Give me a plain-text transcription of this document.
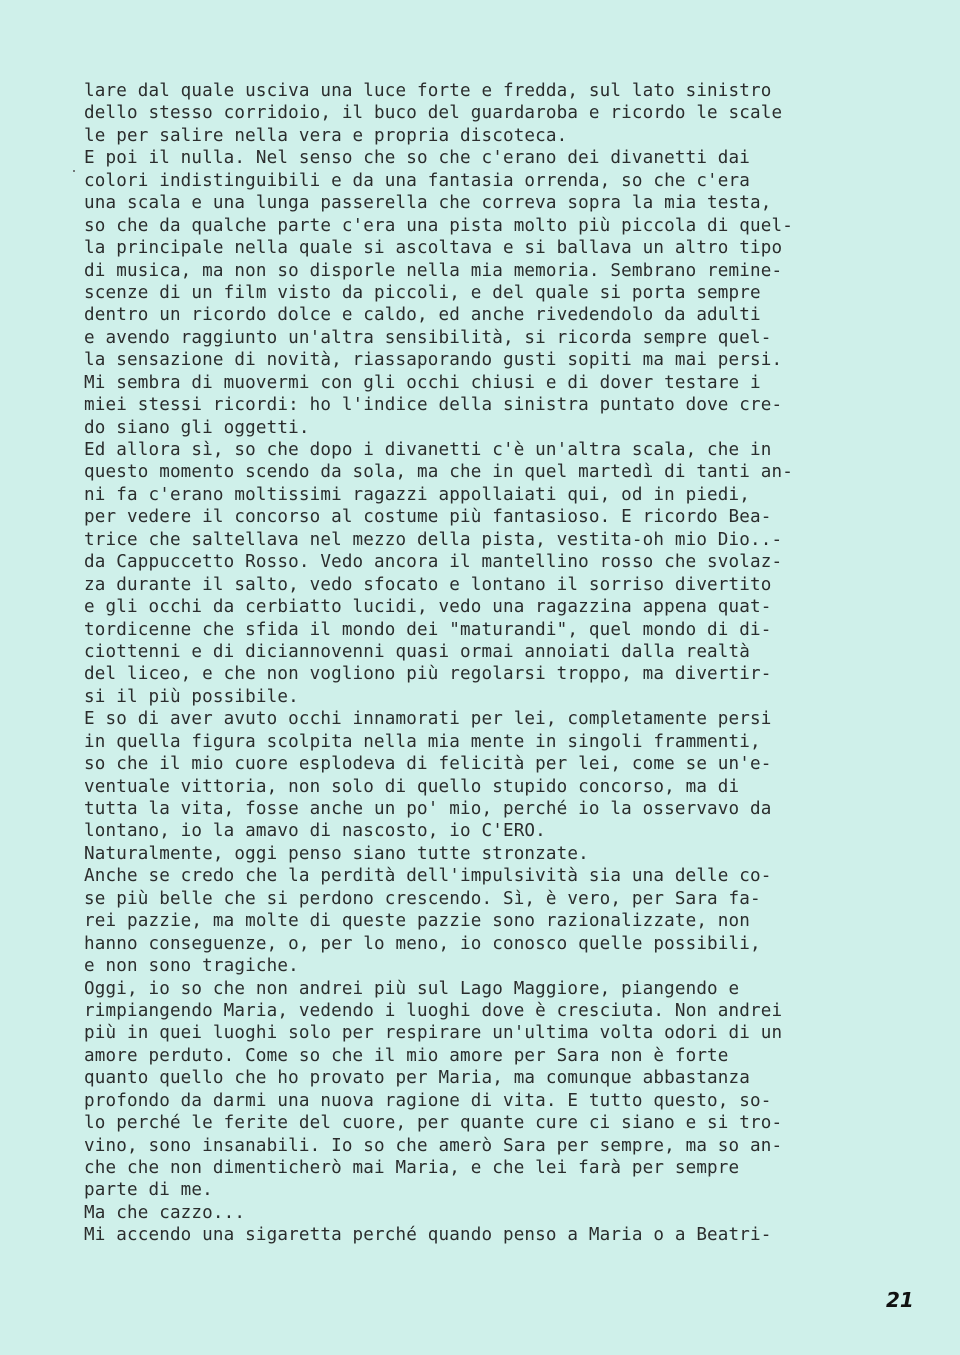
lare dal quale usciva una luce forte e fredda, sul lato sinistro
dello stesso corridoio, il buco del guardaroba e ricordo le scale
le per salire nella vera e propria discoteca.
E poi il nulla. Nel senso che so che c'erano dei divanetti dai
colori indistinguibili e da una fantasia orrenda, so che c'era
una scala e una lunga passerella che correva sopra la mia testa,
so che da qualche parte c'era una pista molto più piccola di quel-
la principale nella quale si ascoltava e si ballava un altro tipo
di musica, ma non so disporle nella mia memoria. Sembrano remine-
scenze di un film visto da piccoli, e del quale si porta sempre
dentro un ricordo dolce e caldo, ed anche rivedendolo da adulti
e avendo raggiunto un'altra sensibilità, si ricorda sempre quel-
la sensazione di novità, riassaporando gusti sopiti ma mai persi.
Mi sembra di muovermi con gli occhi chiusi e di dover testare i
miei stessi ricordi: ho l'indice della sinistra puntato dove cre-
do siano gli oggetti.
Ed allora sì, so che dopo i divanetti c'è un'altra scala, che in
questo momento scendo da sola, ma che in quel martedì di tanti an-
ni fa c'erano moltissimi ragazzi appollaiati qui, od in piedi,
per vedere il concorso al costume più fantasioso. E ricordo Bea-
trice che saltellava nel mezzo della pista, vestita-oh mio Dio..-
da Cappuccetto Rosso. Vedo ancora il mantellino rosso che svolaz-
za durante il salto, vedo sfocato e lontano il sorriso divertito
e gli occhi da cerbiatto lucidi, vedo una ragazzina appena quat-
tordicenne che sfida il mondo dei "maturandi", quel mondo di di-
ciottenni e di diciannovenni quasi ormai annoiati dalla realtà
del liceo, e che non vogliono più regolarsi troppo, ma divertir-
si il più possibile.
E so di aver avuto occhi innamorati per lei, completamente persi
in quella figura scolpita nella mia mente in singoli frammenti,
so che il mio cuore esplodeva di felicità per lei, come se un'e-
ventuale vittoria, non solo di quello stupido concorso, ma di
tutta la vita, fosse anche un po' mio, perché io la osservavo da
lontano, io la amavo di nascosto, io C'ERO.
Naturalmente, oggi penso siano tutte stronzate.
Anche se credo che la perdità dell'impulsività sia una delle co-
se più belle che si perdono crescendo. Sì, è vero, per Sara fa-
rei pazzie, ma molte di queste pazzie sono razionalizzate, non
hanno conseguenze, o, per lo meno, io conosco quelle possibili,
e non sono tragiche.
Oggi, io so che non andrei più sul Lago Maggiore, piangendo e
rimpiangendo Maria, vedendo i luoghi dove è cresciuta. Non andrei
più in quei luoghi solo per respirare un'ultima volta odori di un
amore perduto. Come so che il mio amore per Sara non è forte
quanto quello che ho provato per Maria, ma comunque abbastanza
profondo da darmi una nuova ragione di vita. E tutto questo, so-
lo perché le ferite del cuore, per quante cure ci siano e si tro-
vino, sono insanabili. Io so che amerò Sara per sempre, ma so an-
che che non dimenticherò mai Maria, e che lei farà per sempre
parte di me.
Ma che cazzo...
Mi accendo una sigaretta perché quando penso a Maria o a Beatri-
21
